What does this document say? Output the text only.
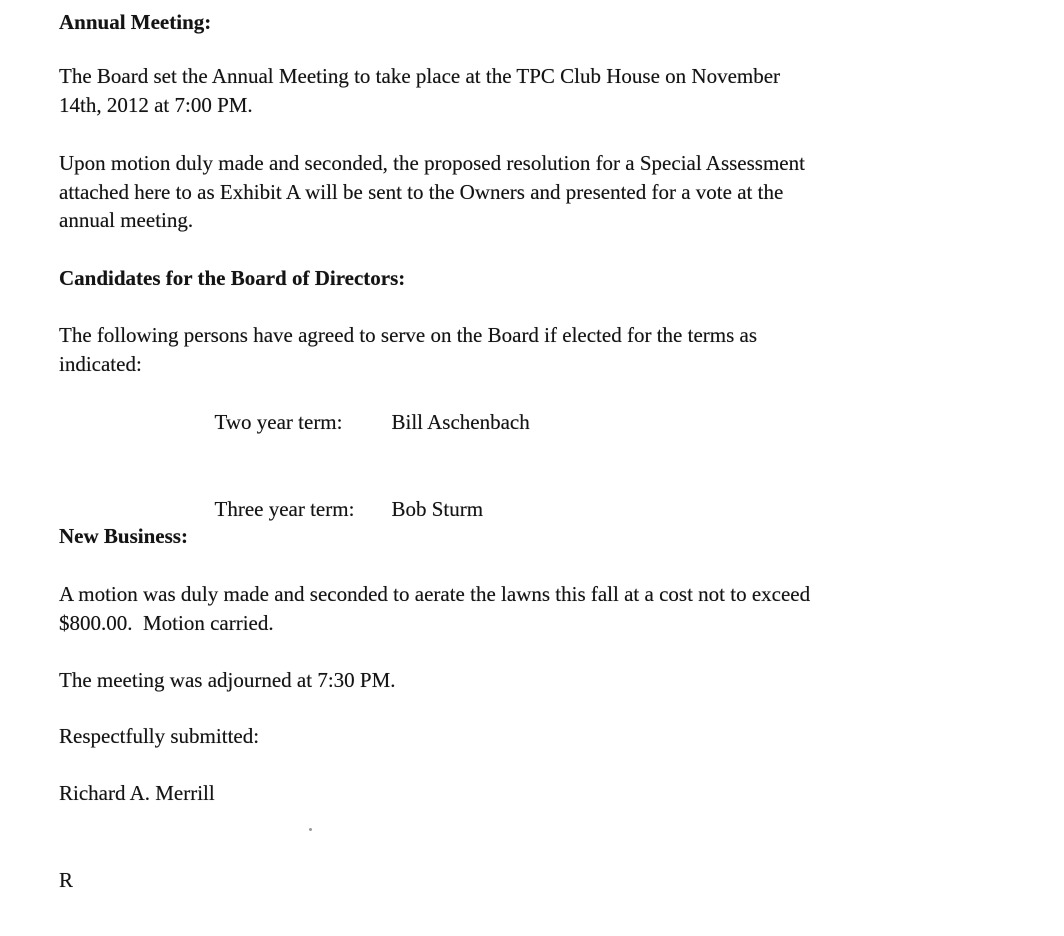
Annual Meeting:
The Board set the Annual Meeting to take place at the TPC Club House on November
14th, 2012 at 7:00 PM.
Upon motion duly made and seconded, the proposed resolution for a Special Assessment
attached here to as Exhibit A will be sent to the Owners and presented for a vote at the
annual meeting.
Candidates for the Board of Directors:
The following persons have agreed to serve on the Board if elected for the terms as
indicated:

Two year term: Bill Aschenbach

Three year term: Bob Sturm

New Business:
A motion was duly made and seconded to aerate the lawns this fall at a cost not to exceed
$800.00.  Motion carried.
The meeting was adjourned at 7:30 PM.
Respectfully submitted:
Richard A. Merrill
R
